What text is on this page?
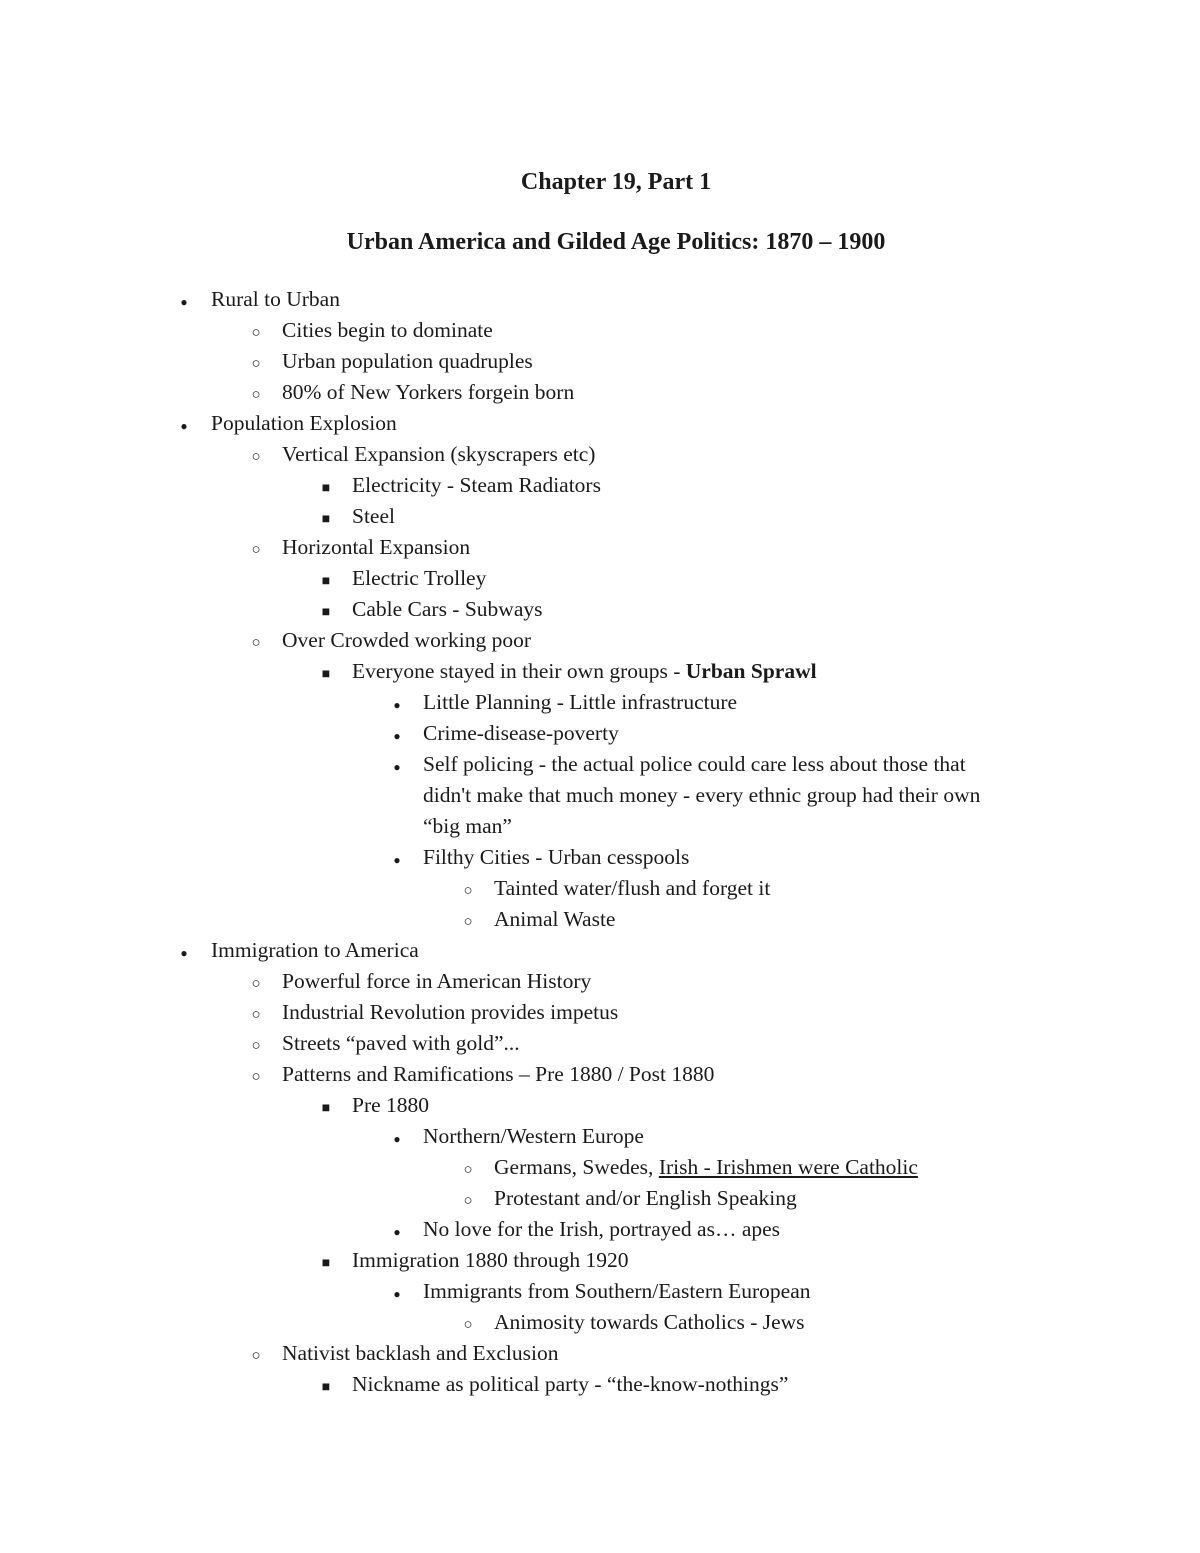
Chapter 19, Part 1
Urban America and Gilded Age Politics: 1870 – 1900
●
Rural to Urban
○
Cities begin to dominate
○
Urban population quadruples
○
80% of New Yorkers forgein born
●
Population Explosion
○
Vertical Expansion (skyscrapers etc)
■
Electricity - Steam Radiators
■
Steel
○
Horizontal Expansion
■
Electric Trolley
■
Cable Cars - Subways
○
Over Crowded working poor
■
Everyone stayed in their own groups - Urban Sprawl
●
Little Planning - Little infrastructure
●
Crime-disease-poverty
●
Self policing - the actual police could care less about those that
didn't make that much money - every ethnic group had their own
“big man”
●
Filthy Cities - Urban cesspools
○
Tainted water/flush and forget it
○
Animal Waste
●
Immigration to America
○
Powerful force in American History
○
Industrial Revolution provides impetus
○
Streets “paved with gold”...
○
Patterns and Ramifications – Pre 1880 / Post 1880
■
Pre 1880
●
Northern/Western Europe
○
Germans, Swedes, Irish - Irishmen were Catholic
○
Protestant and/or English Speaking
●
No love for the Irish, portrayed as… apes
■
Immigration 1880 through 1920
●
Immigrants from Southern/Eastern European
○
Animosity towards Catholics - Jews
○
Nativist backlash and Exclusion
■
Nickname as political party - “the-know-nothings”
